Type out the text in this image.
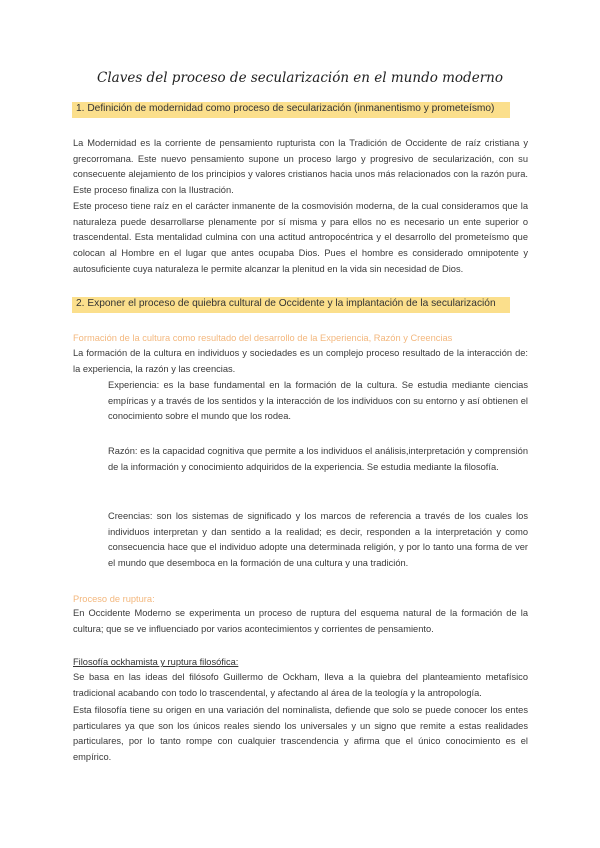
Claves del proceso de secularización en el mundo moderno
1. Definición de modernidad como proceso de secularización (inmanentismo y prometeísmo)
La Modernidad es la corriente de pensamiento rupturista con la Tradición de Occidente de raíz cristiana y grecorromana. Este nuevo pensamiento supone un proceso largo y progresivo de secularización, con su consecuente alejamiento de los principios y valores cristianos hacia unos más relacionados con la razón pura. Este proceso finaliza con la Ilustración.
Este proceso tiene raíz en el carácter inmanente de la cosmovisión moderna, de la cual consideramos que la naturaleza puede desarrollarse plenamente por sí misma y para ellos no es necesario un ente superior o trascendental. Esta mentalidad culmina con una actitud antropocéntrica y el desarrollo del prometeísmo que colocan al Hombre en el lugar que antes ocupaba Dios. Pues el hombre es considerado omnipotente y autosuficiente cuya naturaleza le permite alcanzar la plenitud en la vida sin necesidad de Dios.
2. Exponer el proceso de quiebra cultural de Occidente y la implantación de la secularización
Formación de la cultura como resultado del desarrollo de la Experiencia, Razón y Creencias
La formación de la cultura en individuos y sociedades es un complejo proceso resultado de la interacción de: la experiencia, la razón y las creencias.
Experiencia: es la base fundamental en la formación de la cultura. Se estudia mediante ciencias empíricas y a través de los sentidos y la interacción de los individuos con su entorno y así obtienen el conocimiento sobre el mundo que los rodea.
Razón: es la capacidad cognitiva que permite a los individuos el análisis,interpretación y comprensión de la información y conocimiento adquiridos de la experiencia. Se estudia mediante la filosofía.
Creencias: son los sistemas de significado y los marcos de referencia a través de los cuales los individuos interpretan y dan sentido a la realidad; es decir, responden a la interpretación y como consecuencia hace que el individuo adopte una determinada religión, y por lo tanto una forma de ver el mundo que desemboca en la formación de una cultura y una tradición.
Proceso de ruptura:
En Occidente Moderno se experimenta un proceso de ruptura del esquema natural de la formación de la cultura; que se ve influenciado por varios acontecimientos y corrientes de pensamiento.
Filosofía ockhamista y ruptura filosófica:
Se basa en las ideas del filósofo Guillermo de Ockham, lleva a la quiebra del planteamiento metafísico tradicional acabando con todo lo trascendental, y afectando al área de la teología y la antropología.
Esta filosofía tiene su origen en una variación del nominalista, defiende que solo se puede conocer los entes particulares ya que son los únicos reales siendo los universales y un signo que remite a estas realidades particulares, por lo tanto rompe con cualquier trascendencia y afirma que el único conocimiento es el empírico.
